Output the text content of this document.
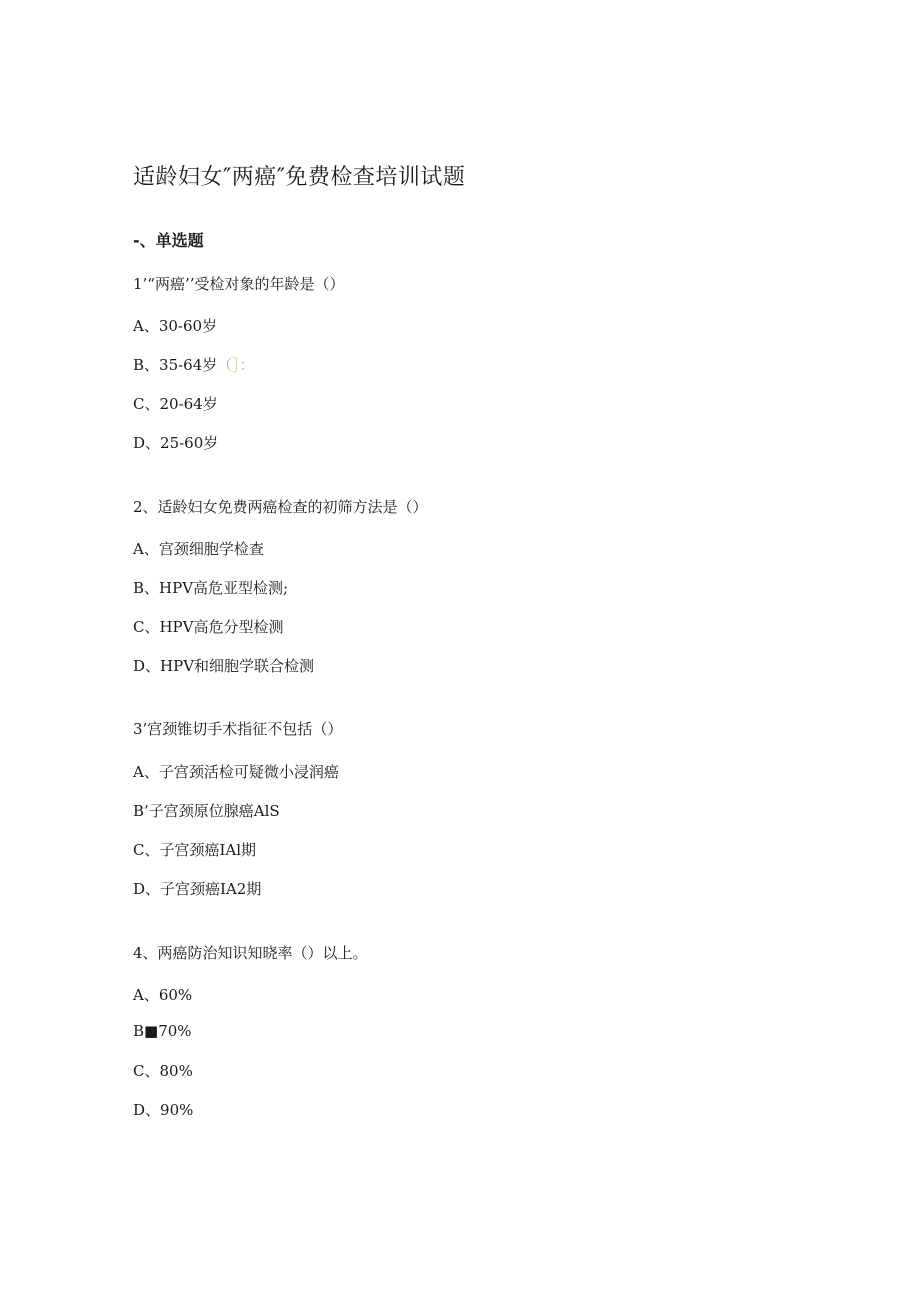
适龄妇女″两癌″免费检查培训试题
-、单选题
1’“两癌’’受检对象的年龄是（）
A、30-60岁
B、35-64岁（］：
C、20-64岁
D、25-60岁
2、适龄妇女免费两癌检查的初筛方法是（）
A、宫颈细胞学检查
B、HPV高危亚型检测;
C、HPV高危分型检测
D、HPV和细胞学联合检测
3’宫颈锥切手术指征不包括（）
A、子宫颈活检可疑微小浸润癌
B’子宫颈原位腺癌AlS
C、子宫颈癌IAl期
D、子宫颈癌IA2期
4、两癌防治知识知晓率（）以上。
A、60%
B■70%
C、80%
D、90%
